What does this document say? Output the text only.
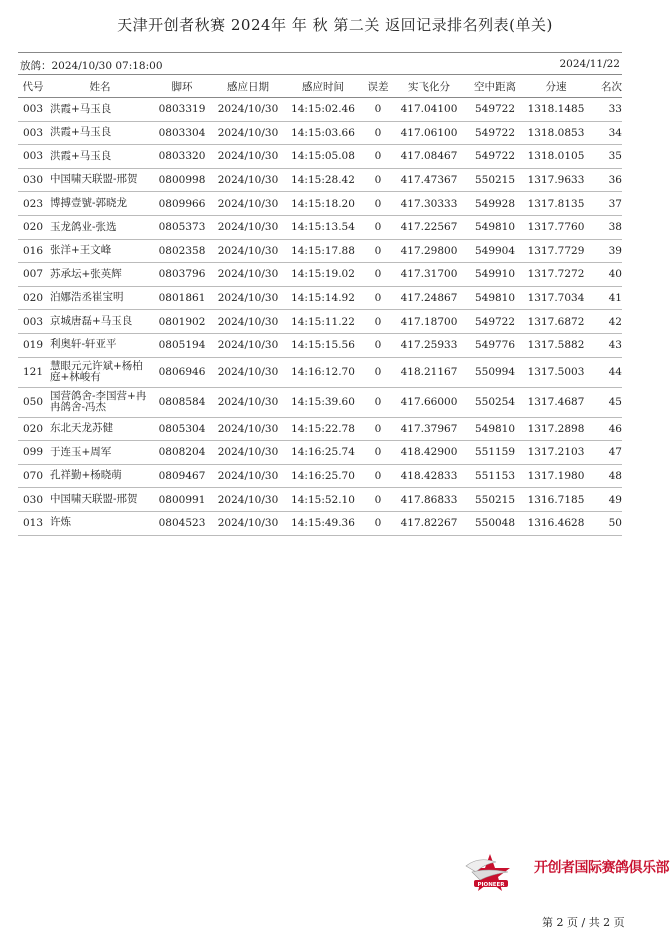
天津开创者秋赛 2024年 年 秋 第二关 返回记录排名列表(单关)
放鸽：2024/10/30 07:18:00	2024/11/22
代号	姓名	脚环	感应日期	感应时间	误差	实飞化分	空中距离	分速	名次
003	洪霞+马玉良	0803319	2024/10/30	14:15:02.46	0	417.04100	549722	1318.1485	33
003	洪霞+马玉良	0803304	2024/10/30	14:15:03.66	0	417.06100	549722	1318.0853	34
003	洪霞+马玉良	0803320	2024/10/30	14:15:05.08	0	417.08467	549722	1318.0105	35
030	中国啸天联盟-邢贺	0800998	2024/10/30	14:15:28.42	0	417.47367	550215	1317.9633	36
023	博搏壹號-郭晓龙	0809966	2024/10/30	14:15:18.20	0	417.30333	549928	1317.8135	37
020	玉龙鸽业-张选	0805373	2024/10/30	14:15:13.54	0	417.22567	549810	1317.7760	38
016	张洋+王文峰	0802358	2024/10/30	14:15:17.88	0	417.29800	549904	1317.7729	39
007	苏承坛+张英辉	0803796	2024/10/30	14:15:19.02	0	417.31700	549910	1317.7272	40
020	泊娜浩丞崔宝明	0801861	2024/10/30	14:15:14.92	0	417.24867	549810	1317.7034	41
003	京城唐磊+马玉良	0801902	2024/10/30	14:15:11.22	0	417.18700	549722	1317.6872	42
019	利奥轩-轩亚平	0805194	2024/10/30	14:15:15.56	0	417.25933	549776	1317.5882	43
121	慧眼元元许斌+杨柏庭+林峻有	0806946	2024/10/30	14:16:12.70	0	418.21167	550994	1317.5003	44
050	国营鸽舍-李国营+冉冉鸽舍-冯杰	0808584	2024/10/30	14:15:39.60	0	417.66000	550254	1317.4687	45
020	东北天龙苏健	0805304	2024/10/30	14:15:22.78	0	417.37967	549810	1317.2898	46
099	于连玉+周军	0808204	2024/10/30	14:16:25.74	0	418.42900	551159	1317.2103	47
070	孔祥勤+杨晓萌	0809467	2024/10/30	14:16:25.70	0	418.42833	551153	1317.1980	48
030	中国啸天联盟-邢贺	0800991	2024/10/30	14:15:52.10	0	417.86833	550215	1316.7185	49
013	许炼	0804523	2024/10/30	14:15:49.36	0	417.82267	550048	1316.4628	50
PIONEER
开创者国际赛鸽俱乐部
第 2 页 / 共 2 页
